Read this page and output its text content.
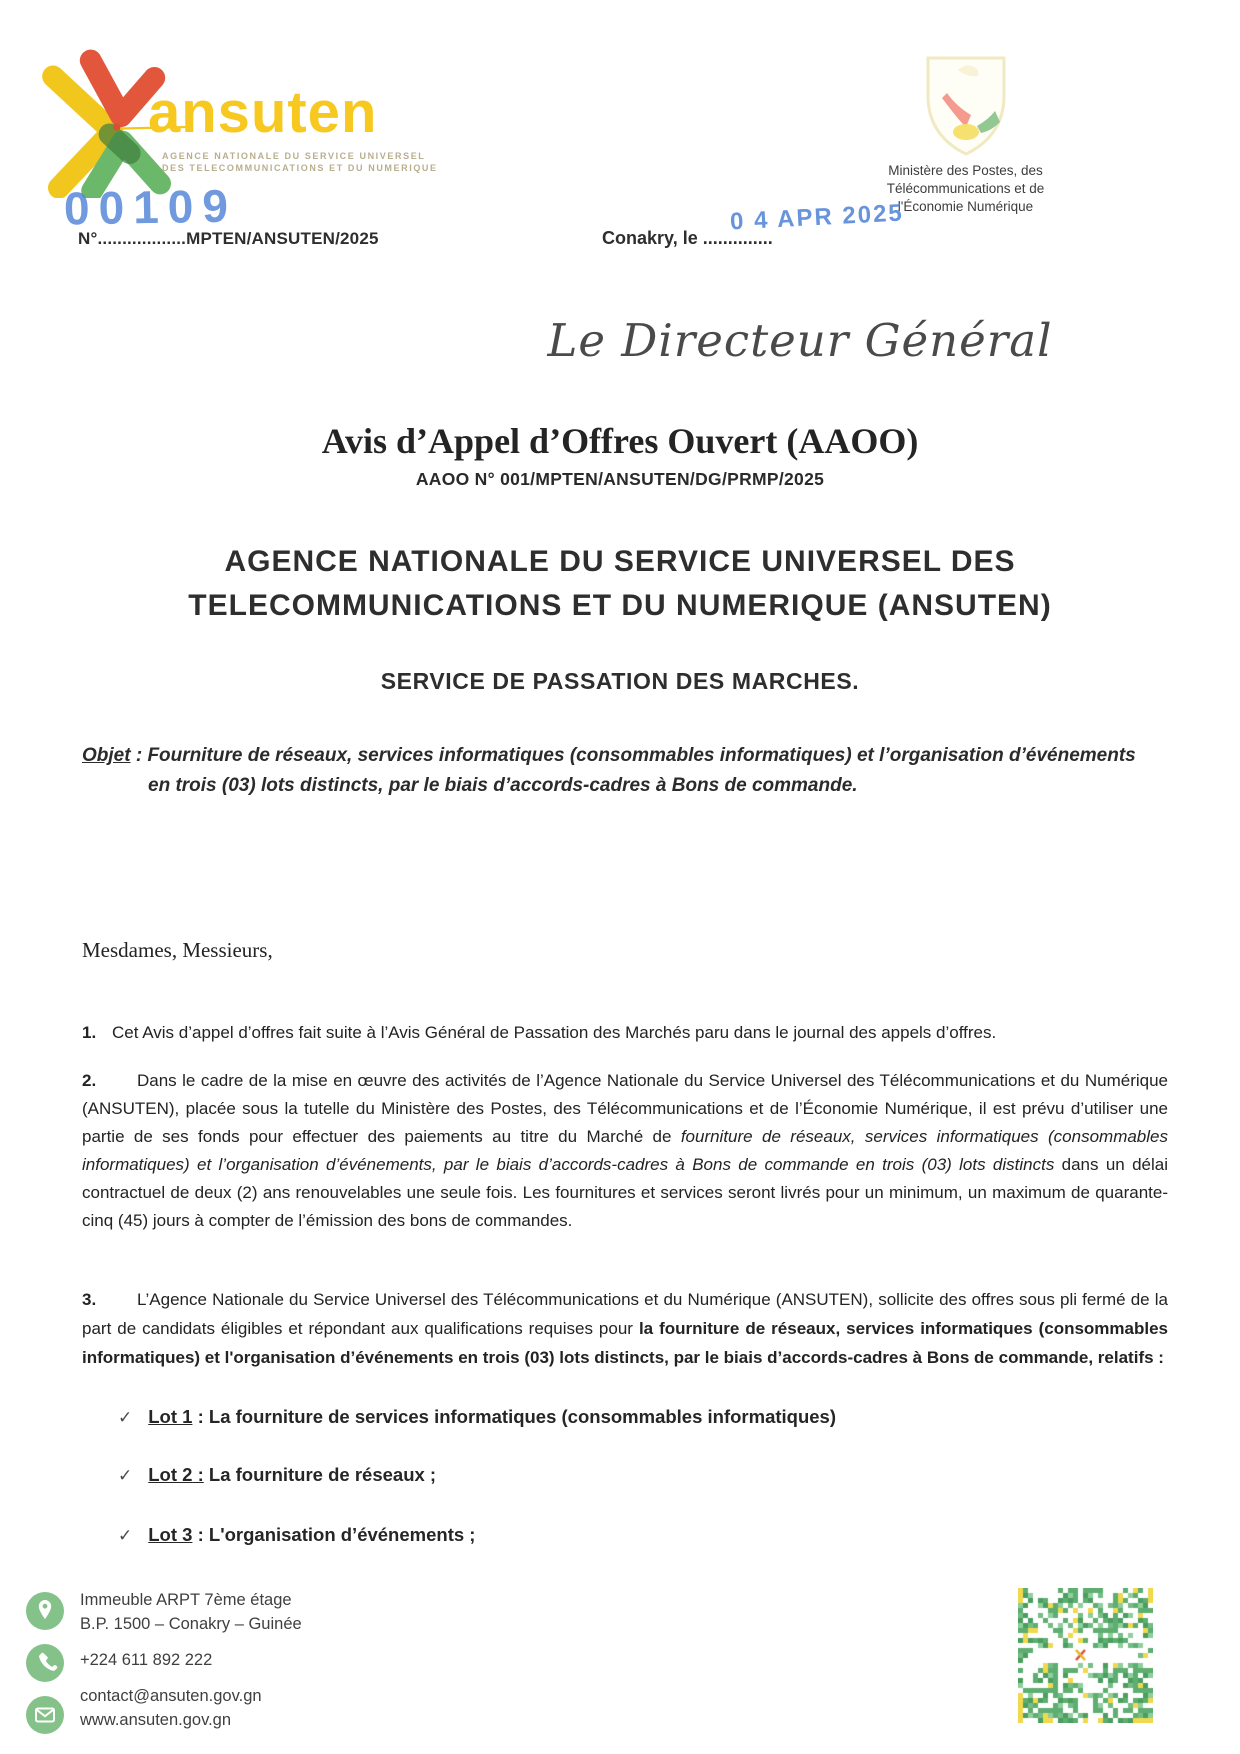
ansuten
AGENCE NATIONALE DU SERVICE UNIVERSEL
DES TELECOMMUNICATIONS ET DU NUMERIQUE	Ministère des Postes, des
Télécommunications et de
l'Économie Numérique
N°..................MPTEN/ANSUTEN/2025
00109
Conakry, le ..............
0 4 APR 2025
Le Directeur Général
Avis d’Appel d’Offres Ouvert (AAOO)
AAOO N° 001/MPTEN/ANSUTEN/DG/PRMP/2025
AGENCE NATIONALE DU SERVICE UNIVERSEL DES
TELECOMMUNICATIONS ET DU NUMERIQUE (ANSUTEN)
SERVICE DE PASSATION DES MARCHES.

Objet : Fourniture de réseaux, services informatiques (consommables informatiques) et l’organisation d’événements en trois (03) lots distincts, par le biais d’accords-cadres à Bons de commande.

Mesdames, Messieurs,

1. Cet Avis d’appel d’offres fait suite à l’Avis Général de Passation des Marchés paru dans le journal des appels d’offres.

2. Dans le cadre de la mise en œuvre des activités de l’Agence Nationale du Service Universel des Télécommunications et du Numérique (ANSUTEN), placée sous la tutelle du Ministère des Postes, des Télécommunications et de l’Économie Numérique, il est prévu d’utiliser une partie de ses fonds pour effectuer des paiements au titre du Marché de fourniture de réseaux, services informatiques (consommables informatiques) et l’organisation d’événements, par le biais d’accords-cadres à Bons de commande en trois (03) lots distincts dans un délai contractuel de deux (2) ans renouvelables une seule fois. Les fournitures et services seront livrés pour un minimum, un maximum de quarante-cinq (45) jours à compter de l’émission des bons de commandes.

3. L’Agence Nationale du Service Universel des Télécommunications et du Numérique (ANSUTEN), sollicite des offres sous pli fermé de la part de candidats éligibles et répondant aux qualifications requises pour la fourniture de réseaux, services informatiques (consommables informatiques) et l'organisation d’événements en trois (03) lots distincts, par le biais d’accords-cadres à Bons de commande, relatifs :

✓ Lot 1 : La fourniture de services informatiques (consommables informatiques)
✓ Lot 2 : La fourniture de réseaux ;
✓ Lot 3 : L'organisation d’événements ;
Immeuble ARPT 7ème étage
B.P. 1500 – Conakry – Guinée
+224 611 892 222
contact@ansuten.gov.gn
www.ansuten.gov.gn
